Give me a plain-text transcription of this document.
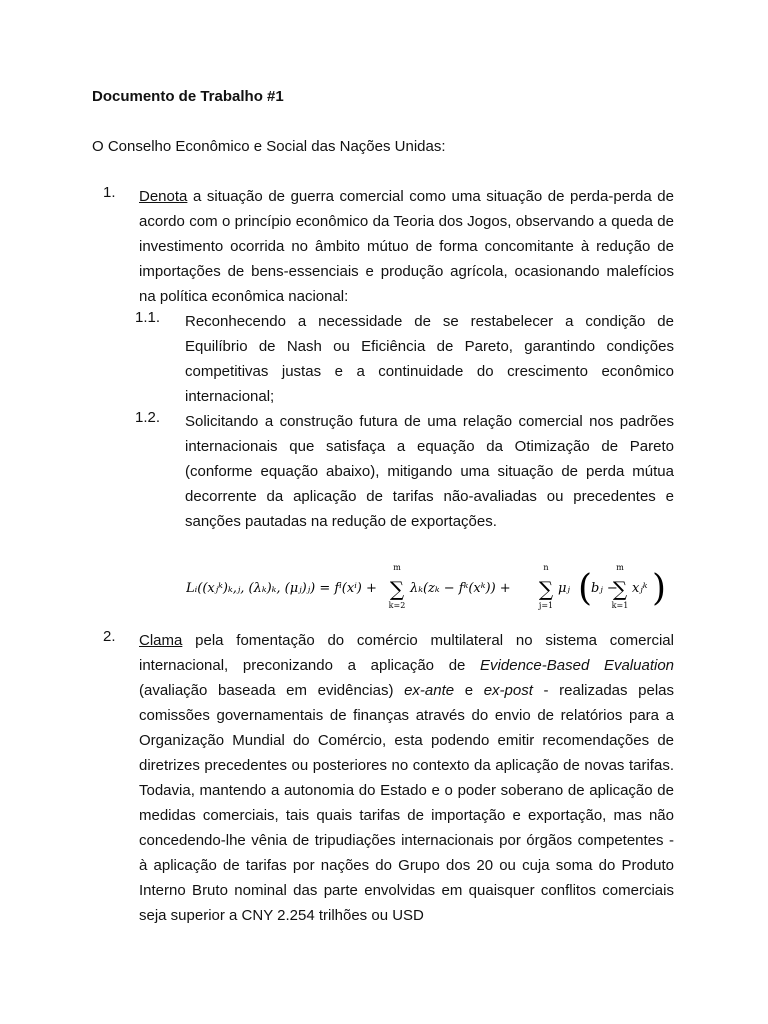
Documento de Trabalho #1
O Conselho Econômico e Social das Nações Unidas:
1. Denota a situação de guerra comercial como uma situação de perda-perda de acordo com o princípio econômico da Teoria dos Jogos, observando a queda de investimento ocorrida no âmbito mútuo de forma concomitante à redução de importações de bens-essenciais e produção agrícola, ocasionando malefícios na política econômica nacional:
1.1. Reconhecendo a necessidade de se restabelecer a condição de Equilíbrio de Nash ou Eficiência de Pareto, garantindo condições competitivas justas e a continuidade do crescimento econômico internacional;
1.2. Solicitando a construção futura de uma relação comercial nos padrões internacionais que satisfaça a equação da Otimização de Pareto (conforme equação abaixo), mitigando uma situação de perda mútua decorrente da aplicação de tarifas não-avaliadas ou precedentes e sanções pautadas na redução de exportações.
Lᵢ((xⱼᵏ)ₖ,ⱼ, (λₖ)ₖ, (μⱼ)ⱼ) = fⁱ(xⁱ) +
m
∑
k=2
λₖ(zₖ − fᵏ(xᵏ)) +
n
∑
j=1
μⱼ (
bⱼ −
m
∑
k=1
xⱼᵏ )
2. Clama pela fomentação do comércio multilateral no sistema comercial internacional, preconizando a aplicação de Evidence-Based Evaluation (avaliação baseada em evidências) ex-ante e ex-post - realizadas pelas comissões governamentais de finanças através do envio de relatórios para a Organização Mundial do Comércio, esta podendo emitir recomendações de diretrizes precedentes ou posteriores no contexto da aplicação de novas tarifas. Todavia, mantendo a autonomia do Estado e o poder soberano de aplicação de medidas comerciais, tais quais tarifas de importação e exportação, mas não concedendo-lhe vênia de tripudiações internacionais por órgãos competentes - à aplicação de tarifas por nações do Grupo dos 20 ou cuja soma do Produto Interno Bruto nominal das parte envolvidas em quaisquer conflitos comerciais seja superior a CNY 2.254 trilhões ou USD
